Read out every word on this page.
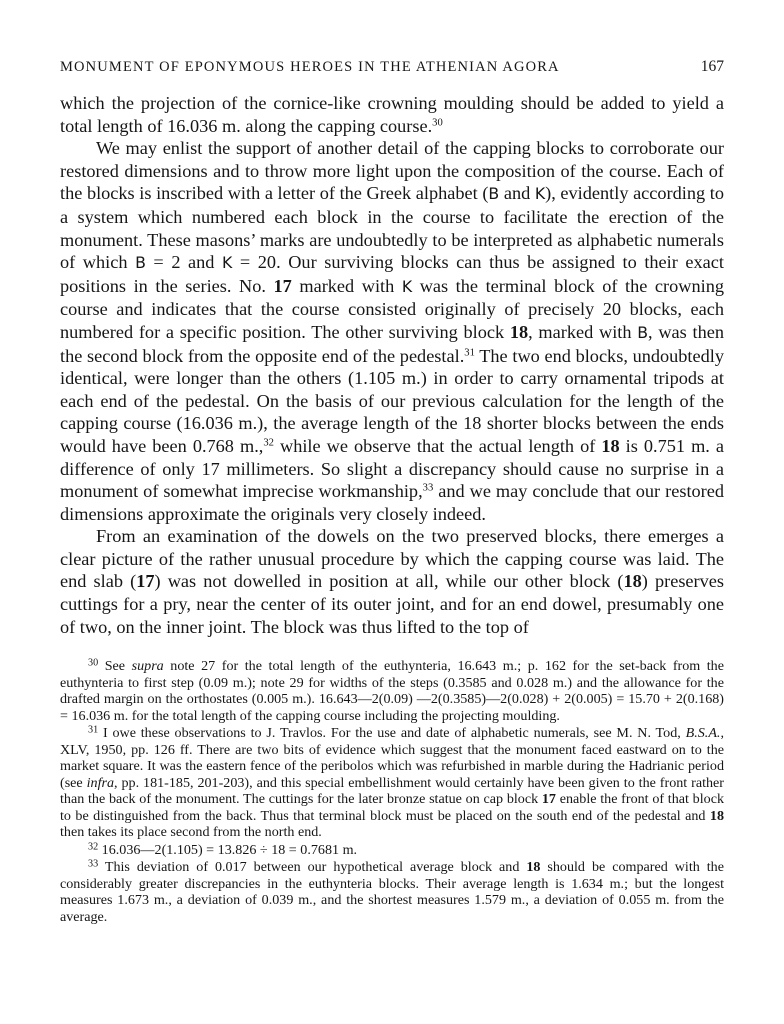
MONUMENT OF EPONYMOUS HEROES IN THE ATHENIAN AGORA	167

which the projection of the cornice-like crowning moulding should be added to yield a total length of 16.036 m. along the capping course.$^{30}$

We may enlist the support of another detail of the capping blocks to corroborate our restored dimensions and to throw more light upon the composition of the course. Each of the blocks is inscribed with a letter of the Greek alphabet (B and K), evidently according to a system which numbered each block in the course to facilitate the erection of the monument. These masons’ marks are undoubtedly to be interpreted as alphabetic numerals of which B = 2 and K = 20. Our surviving blocks can thus be assigned to their exact positions in the series. No. 17 marked with K was the terminal block of the crowning course and indicates that the course consisted originally of precisely 20 blocks, each numbered for a specific position. The other surviving block 18, marked with B, was then the second block from the opposite end of the pedestal.$^{31}$ The two end blocks, undoubtedly identical, were longer than the others (1.105 m.) in order to carry ornamental tripods at each end of the pedestal. On the basis of our previous calculation for the length of the capping course (16.036 m.), the average length of the 18 shorter blocks between the ends would have been 0.768 m.,$^{32}$ while we observe that the actual length of 18 is 0.751 m. a difference of only 17 millimeters. So slight a discrepancy should cause no surprise in a monument of somewhat imprecise workmanship,$^{33}$ and we may conclude that our restored dimensions approximate the originals very closely indeed.

From an examination of the dowels on the two preserved blocks, there emerges a clear picture of the rather unusual procedure by which the capping course was laid. The end slab (17) was not dowelled in position at all, while our other block (18) preserves cuttings for a pry, near the center of its outer joint, and for an end dowel, presumably one of two, on the inner joint. The block was thus lifted to the top of

$^{30}$ See supra note 27 for the total length of the euthynteria, 16.643 m.; p. 162 for the set-back from the euthynteria to first step (0.09 m.); note 29 for widths of the steps (0.3585 and 0.028 m.) and the allowance for the drafted margin on the orthostates (0.005 m.). 16.643—2(0.09) —2(0.3585)—2(0.028) + 2(0.005) = 15.70 + 2(0.168) = 16.036 m. for the total length of the capping course including the projecting moulding.

$^{31}$ I owe these observations to J. Travlos. For the use and date of alphabetic numerals, see M. N. Tod, B.S.A., XLV, 1950, pp. 126 ff. There are two bits of evidence which suggest that the monument faced eastward on to the market square. It was the eastern fence of the peribolos which was refurbished in marble during the Hadrianic period (see infra, pp. 181-185, 201-203), and this special embellishment would certainly have been given to the front rather than the back of the monument. The cuttings for the later bronze statue on cap block 17 enable the front of that block to be distinguished from the back. Thus that terminal block must be placed on the south end of the pedestal and 18 then takes its place second from the north end.

$^{32}$ 16.036—2(1.105) = 13.826 ÷ 18 = 0.7681 m.

$^{33}$ This deviation of 0.017 between our hypothetical average block and 18 should be compared with the considerably greater discrepancies in the euthynteria blocks. Their average length is 1.634 m.; but the longest measures 1.673 m., a deviation of 0.039 m., and the shortest measures 1.579 m., a deviation of 0.055 m. from the average.
